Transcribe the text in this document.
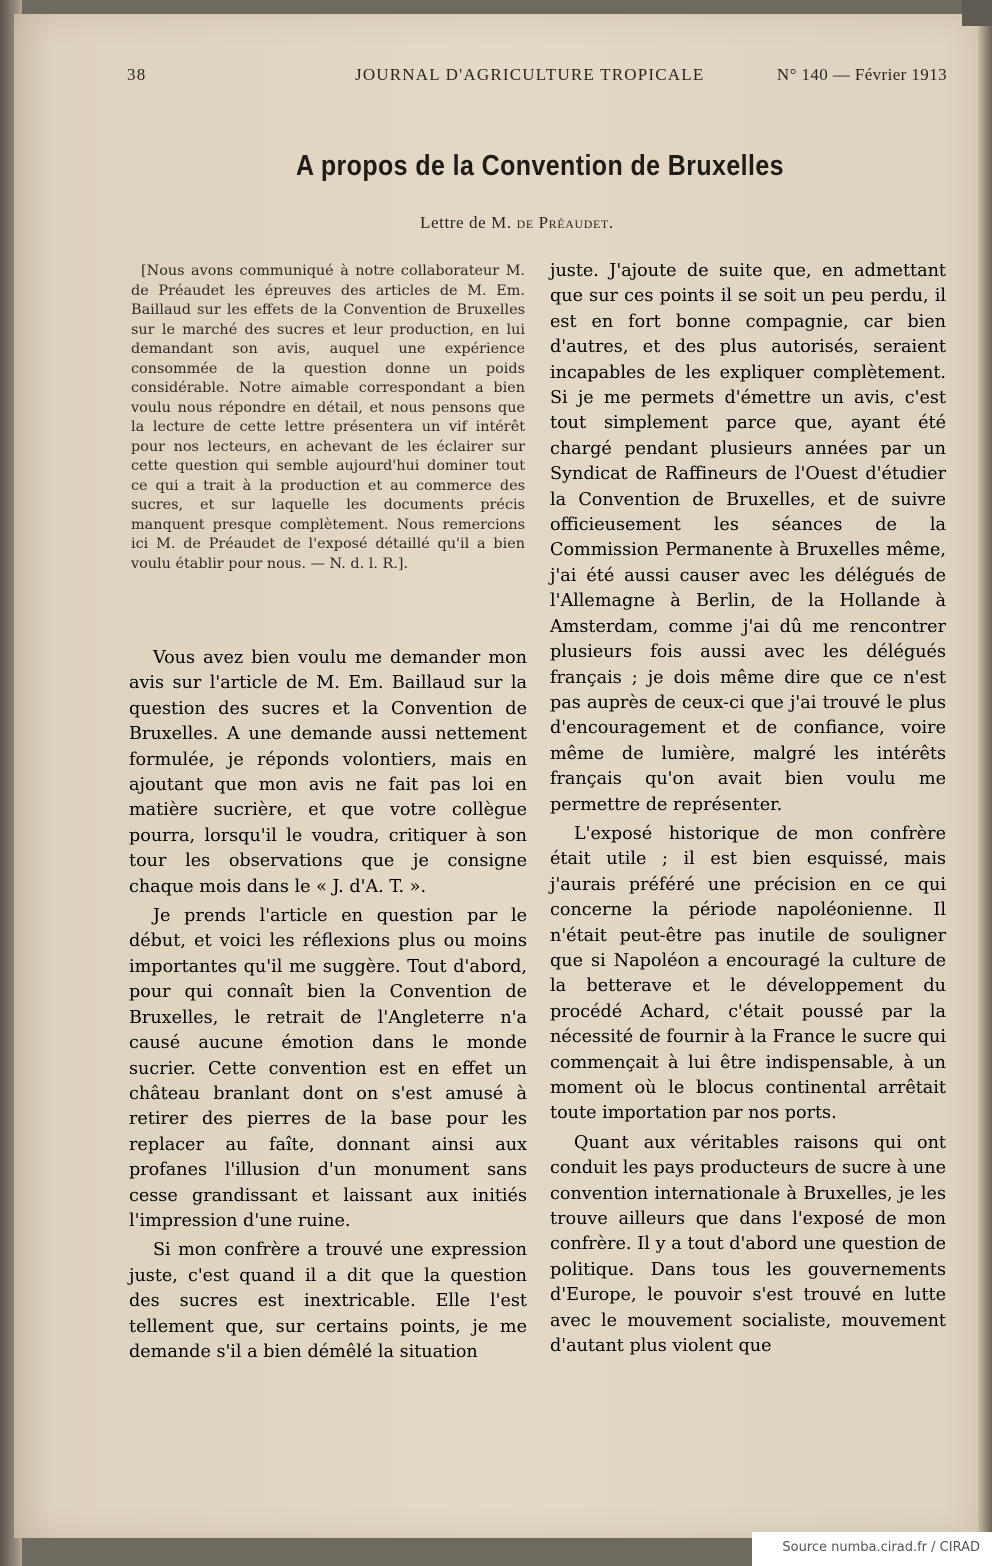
38	JOURNAL D'AGRICULTURE TROPICALE	N° 140 — Février 1913
A propos de la Convention de Bruxelles
Lettre de M. de Préaudet.
[Nous avons communiqué à notre collaborateur M. de Préaudet les épreuves des articles de M. Em. Baillaud sur les effets de la Convention de Bruxelles sur le marché des sucres et leur production, en lui demandant son avis, auquel une expérience consommée de la question donne un poids considérable. Notre aimable correspondant a bien voulu nous répondre en détail, et nous pensons que la lecture de cette lettre présentera un vif intérêt pour nos lecteurs, en achevant de les éclairer sur cette question qui semble aujourd'hui dominer tout ce qui a trait à la production et au commerce des sucres, et sur laquelle les documents précis manquent presque complètement. Nous remercions ici M. de Préaudet de l'exposé détaillé qu'il a bien voulu établir pour nous. — N. d. l. R.].

Vous avez bien voulu me demander mon avis sur l'article de M. Em. Baillaud sur la question des sucres et la Convention de Bruxelles. A une demande aussi nettement formulée, je réponds volontiers, mais en ajoutant que mon avis ne fait pas loi en matière sucrière, et que votre collègue pourra, lorsqu'il le voudra, critiquer à son tour les observations que je consigne chaque mois dans le « J. d'A. T. ».

Je prends l'article en question par le début, et voici les réflexions plus ou moins importantes qu'il me suggère. Tout d'abord, pour qui connaît bien la Convention de Bruxelles, le retrait de l'Angleterre n'a causé aucune émotion dans le monde sucrier. Cette convention est en effet un château branlant dont on s'est amusé à retirer des pierres de la base pour les replacer au faîte, donnant ainsi aux profanes l'illusion d'un monument sans cesse grandissant et laissant aux initiés l'impression d'une ruine.

Si mon confrère a trouvé une expression juste, c'est quand il a dit que la question des sucres est inextricable. Elle l'est tellement que, sur certains points, je me demande s'il a bien démêlé la situation

juste. J'ajoute de suite que, en admettant que sur ces points il se soit un peu perdu, il est en fort bonne compagnie, car bien d'autres, et des plus autorisés, seraient incapables de les expliquer complètement. Si je me permets d'émettre un avis, c'est tout simplement parce que, ayant été chargé pendant plusieurs années par un Syndicat de Raffineurs de l'Ouest d'étudier la Convention de Bruxelles, et de suivre officieusement les séances de la Commission Permanente à Bruxelles même, j'ai été aussi causer avec les délégués de l'Allemagne à Berlin, de la Hollande à Amsterdam, comme j'ai dû me rencontrer plusieurs fois aussi avec les délégués français ; je dois même dire que ce n'est pas auprès de ceux-ci que j'ai trouvé le plus d'encouragement et de confiance, voire même de lumière, malgré les intérêts français qu'on avait bien voulu me permettre de représenter.

L'exposé historique de mon confrère était utile ; il est bien esquissé, mais j'aurais préféré une précision en ce qui concerne la période napoléonienne. Il n'était peut-être pas inutile de souligner que si Napoléon a encouragé la culture de la betterave et le développement du procédé Achard, c'était poussé par la nécessité de fournir à la France le sucre qui commençait à lui être indispensable, à un moment où le blocus continental arrêtait toute importation par nos ports.

Quant aux véritables raisons qui ont conduit les pays producteurs de sucre à une convention internationale à Bruxelles, je les trouve ailleurs que dans l'exposé de mon confrère. Il y a tout d'abord une question de politique. Dans tous les gouvernements d'Europe, le pouvoir s'est trouvé en lutte avec le mouvement socialiste, mouvement d'autant plus violent que

Source numba.cirad.fr / CIRAD
